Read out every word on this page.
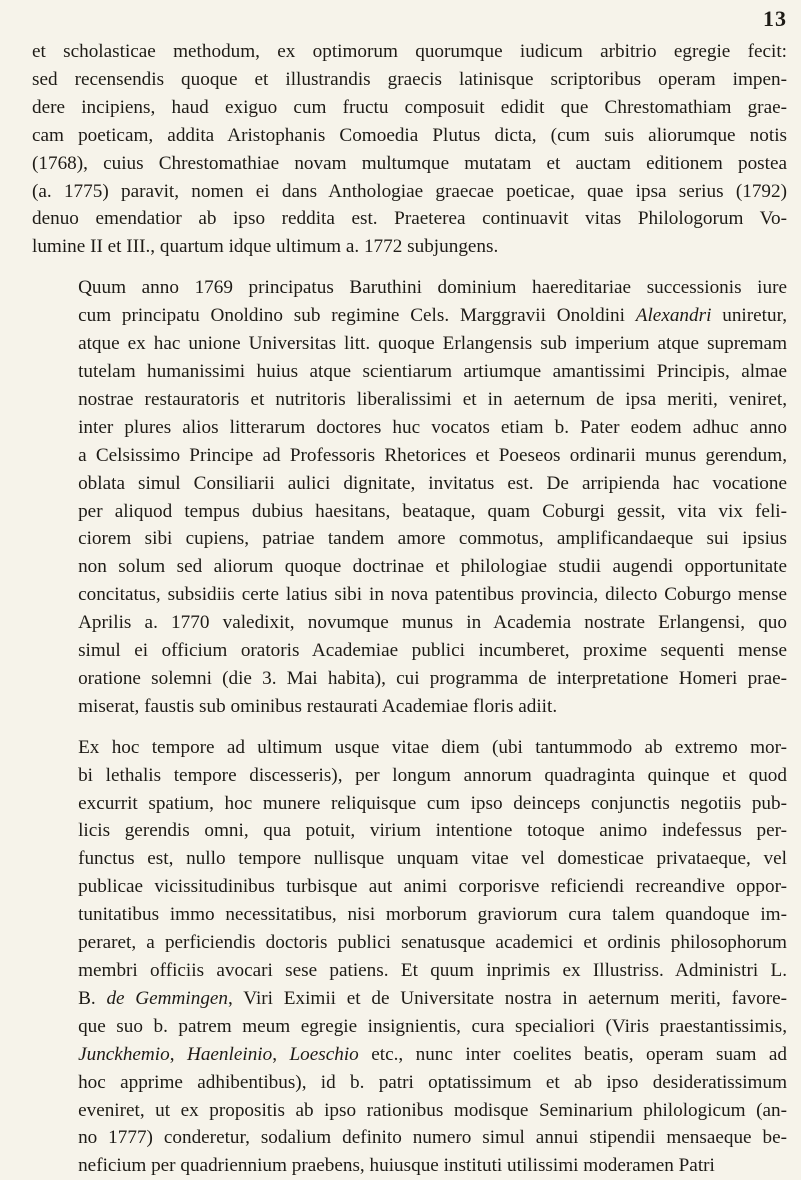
13

et scholasticae methodum, ex optimorum quorumque iudicum arbitrio egregie fecit:
sed recensendis quoque et illustrandis graecis latinisque scriptoribus operam impen-
dere incipiens, haud exiguo cum fructu composuit edidit que Chrestomathiam grae-
cam poeticam, addita Aristophanis Comoedia Plutus dicta, (cum suis aliorumque notis
(1768), cuius Chrestomathiae novam multumque mutatam et auctam editionem postea
(a. 1775) paravit, nomen ei dans Anthologiae graecae poeticae, quae ipsa serius (1792)
denuo emendatior ab ipso reddita est. Praeterea continuavit vitas Philologorum Vo-
lumine II et III., quartum idque ultimum a. 1772 subjungens.

Quum anno 1769 principatus Baruthini dominium haereditariae successionis iure
cum principatu Onoldino sub regimine Cels. Marggravii Onoldini Alexandri uniretur,
atque ex hac unione Universitas litt. quoque Erlangensis sub imperium atque supremam
tutelam humanissimi huius atque scientiarum artiumque amantissimi Principis, almae
nostrae restauratoris et nutritoris liberalissimi et in aeternum de ipsa meriti, veniret,
inter plures alios litterarum doctores huc vocatos etiam b. Pater eodem adhuc anno
a Celsissimo Principe ad Professoris Rhetorices et Poeseos ordinarii munus gerendum,
oblata simul Consiliarii aulici dignitate, invitatus est. De arripienda hac vocatione
per aliquod tempus dubius haesitans, beataque, quam Coburgi gessit, vita vix feli-
ciorem sibi cupiens, patriae tandem amore commotus, amplificandaeque sui ipsius
non solum sed aliorum quoque doctrinae et philologiae studii augendi opportunitate
concitatus, subsidiis certe latius sibi in nova patentibus provincia, dilecto Coburgo mense
Aprilis a. 1770 valedixit, novumque munus in Academia nostrate Erlangensi, quo
simul ei officium oratoris Academiae publici incumberet, proxime sequenti mense
oratione solemni (die 3. Mai habita), cui programma de interpretatione Homeri prae-
miserat, faustis sub ominibus restaurati Academiae floris adiit.

Ex hoc tempore ad ultimum usque vitae diem (ubi tantummodo ab extremo mor-
bi lethalis tempore discesseris), per longum annorum quadraginta quinque et quod
excurrit spatium, hoc munere reliquisque cum ipso deinceps conjunctis negotiis pub-
licis gerendis omni, qua potuit, virium intentione totoque animo indefessus per-
functus est, nullo tempore nullisque unquam vitae vel domesticae privataeque, vel
publicae vicissitudinibus turbisque aut animi corporisve reficiendi recreandive oppor-
tunitatibus immo necessitatibus, nisi morborum graviorum cura talem quandoque im-
peraret, a perficiendis doctoris publici senatusque academici et ordinis philosophorum
membri officiis avocari sese patiens. Et quum inprimis ex Illustriss. Administri L.
B. de Gemmingen, Viri Eximii et de Universitate nostra in aeternum meriti, favore-
que suo b. patrem meum egregie insignientis, cura specialiori (Viris praestantissimis,
Junckhemio, Haenleinio, Loeschio etc., nunc inter coelites beatis, operam suam ad
hoc apprime adhibentibus), id b. patri optatissimum et ab ipso desideratissimum
eveniret, ut ex propositis ab ipso rationibus modisque Seminarium philologicum (an-
no 1777) conderetur, sodalium definito numero simul annui stipendii mensaeque be-
neficium per quadriennium praebens, huiusque instituti utilissimi moderamen Patri
